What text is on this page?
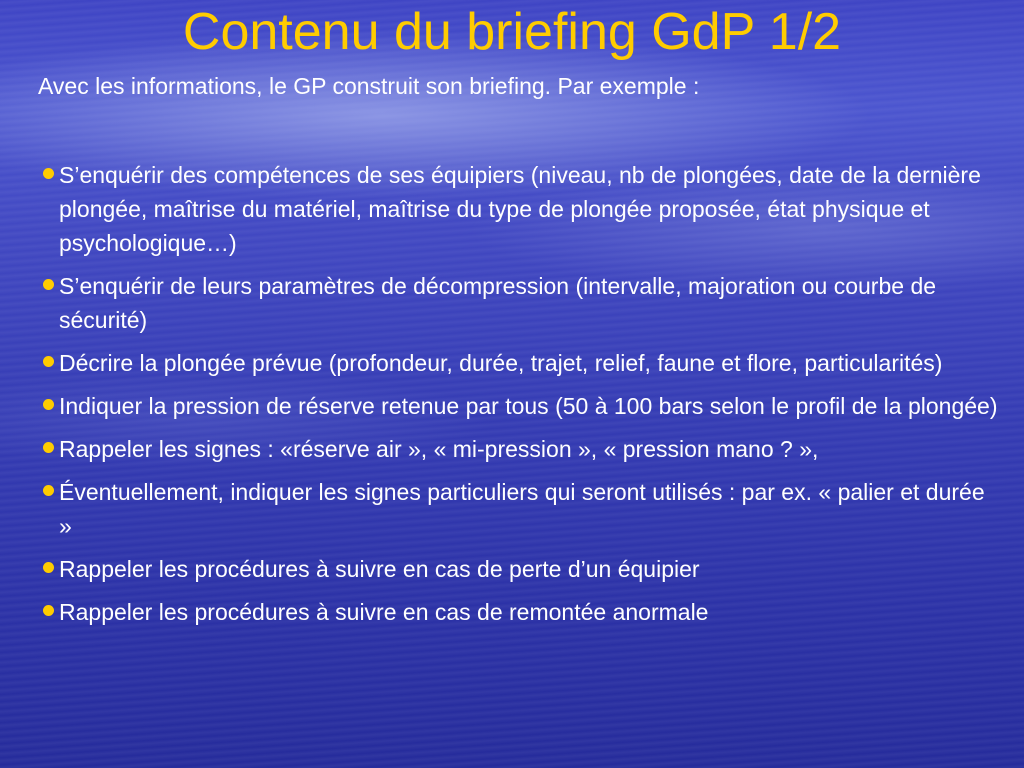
Contenu du briefing GdP 1/2

Avec les informations, le GP construit son briefing. Par exemple :

S’enquérir des compétences de ses équipiers (niveau, nb de plongées, date de la dernière plongée, maîtrise du matériel, maîtrise du type de plongée proposée, état physique et psychologique…)
S’enquérir de leurs paramètres de décompression (intervalle, majoration ou courbe de sécurité)
Décrire la plongée prévue (profondeur, durée, trajet, relief, faune et flore, particularités)
Indiquer la pression de réserve retenue par tous (50 à 100 bars selon le profil de la plongée)
Rappeler les signes : «réserve air », « mi-pression », « pression mano ? »,
Éventuellement, indiquer les signes particuliers qui seront utilisés : par ex. « palier et durée »
Rappeler les procédures à suivre en cas de perte d’un équipier
Rappeler les procédures à suivre en cas de remontée anormale
